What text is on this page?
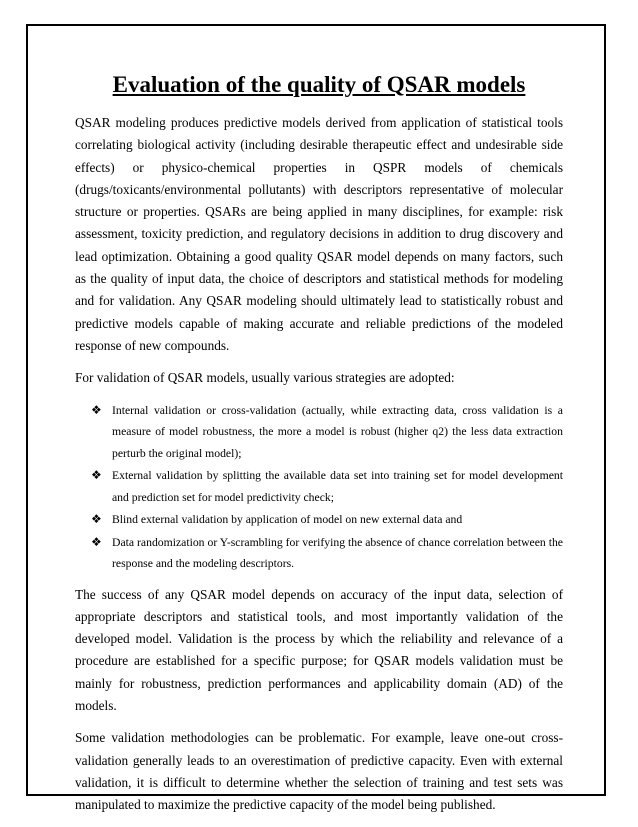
Evaluation of the quality of QSAR models

QSAR modeling produces predictive models derived from application of statistical tools correlating biological activity (including desirable therapeutic effect and undesirable side effects) or physico-chemical properties in QSPR models of chemicals (drugs/toxicants/environmental pollutants) with descriptors representative of molecular structure or properties. QSARs are being applied in many disciplines, for example: risk assessment, toxicity prediction, and regulatory decisions in addition to drug discovery and lead optimization. Obtaining a good quality QSAR model depends on many factors, such as the quality of input data, the choice of descriptors and statistical methods for modeling and for validation. Any QSAR modeling should ultimately lead to statistically robust and predictive models capable of making accurate and reliable predictions of the modeled response of new compounds.

For validation of QSAR models, usually various strategies are adopted:

❖ Internal validation or cross-validation (actually, while extracting data, cross validation is a measure of model robustness, the more a model is robust (higher q2) the less data extraction perturb the original model);
❖ External validation by splitting the available data set into training set for model development and prediction set for model predictivity check;
❖ Blind external validation by application of model on new external data and
❖ Data randomization or Y-scrambling for verifying the absence of chance correlation between the response and the modeling descriptors.

The success of any QSAR model depends on accuracy of the input data, selection of appropriate descriptors and statistical tools, and most importantly validation of the developed model. Validation is the process by which the reliability and relevance of a procedure are established for a specific purpose; for QSAR models validation must be mainly for robustness, prediction performances and applicability domain (AD) of the models.

Some validation methodologies can be problematic. For example, leave one-out cross-validation generally leads to an overestimation of predictive capacity. Even with external validation, it is difficult to determine whether the selection of training and test sets was manipulated to maximize the predictive capacity of the model being published.
